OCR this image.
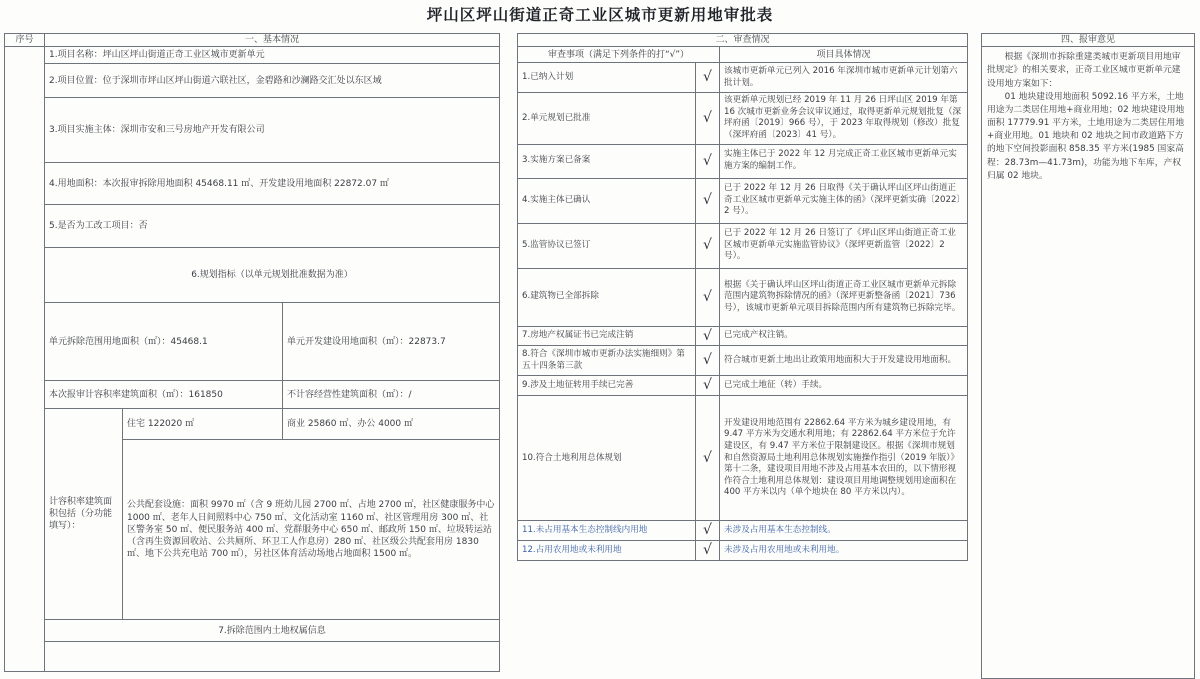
坪山区坪山街道正奇工业区城市更新用地审批表
序号	一、基本情况		
	1.项目名称：坪山区坪山街道正奇工业区城市更新单元		
	2.项目位置：位于深圳市坪山区坪山街道六联社区，金碧路和沙澜路交汇处以东区域		
	3.项目实施主体：深圳市安和三号房地产开发有限公司		
	4.用地面积：本次报审拆除用地面积 45468.11 ㎡、开发建设用地面积 22872.07 ㎡		
	5.是否为工改工项目：否		
	6.规划指标（以单元规划批准数据为准）		
	单元拆除范围用地面积（㎡）：45468.1		单元开发建设用地面积（㎡）：22873.7
	本次报审计容积率建筑面积（㎡）：161850		不计容经营性建筑面积（㎡）：/
	计容积率建筑面积包括（分功能填写）：	住宅 122020 ㎡	商业 25860 ㎡、办公 4000 ㎡
		公共配套设施：面积 9970 ㎡（含 9 班幼儿园 2700 ㎡、占地 2700 ㎡，社区健康服务中心 1000 ㎡、老年人日间照料中心 750 ㎡、文化活动室 1160 ㎡、社区管理用房 300 ㎡、社区警务室 50 ㎡、便民服务站 400 ㎡、党群服务中心 650 ㎡、邮政所 150 ㎡、垃圾转运站（含再生资源回收站、公共厕所、环卫工人作息房）280 ㎡、社区级公共配套用房 1830 ㎡、地下公共充电站 700 ㎡），另社区体育活动场地占地面积 1500 ㎡。	
	7.拆除范围内土地权属信息		

二、审查情况		
审查事项（满足下列条件的打“√”）		项目具体情况
1.已纳入计划	√	该城市更新单元已列入 2016 年深圳市城市更新单元计划第六批计划。
2.单元规划已批准	√	该更新单元规划已经 2019 年 11 月 26 日坪山区 2019 年第 16 次城市更新业务会议审议通过，取得更新单元规划批复（深坪府函〔2019〕966 号），于 2023 年取得规划（修改）批复（深坪府函〔2023〕41 号）。
3.实施方案已备案	√	实施主体已于 2022 年 12 月完成正奇工业区城市更新单元实施方案的编制工作。
4.实施主体已确认	√	已于 2022 年 12 月 26 日取得《关于确认坪山区坪山街道正奇工业区城市更新单元实施主体的函》（深坪更新实确〔2022〕2 号）。
5.监管协议已签订	√	已于 2022 年 12 月 26 日签订了《坪山区坪山街道正奇工业区城市更新单元实施监管协议》（深坪更新监管〔2022〕2 号）。
6.建筑物已全部拆除	√	根据《关于确认坪山区坪山街道正奇工业区城市更新单元拆除范围内建筑物拆除情况的函》（深坪更新整备函〔2021〕736 号），该城市更新单元项目拆除范围内所有建筑物已拆除完毕。
7.房地产权属证书已完成注销	√	已完成产权注销。
8.符合《深圳市城市更新办法实施细则》第五十四条第三款	√	符合城市更新土地出让政策用地面积大于开发建设用地面积。
9.涉及土地征转用手续已完善	√	已完成土地征（转）手续。
10.符合土地利用总体规划	√	开发建设用地范围有 22862.64 平方米为城乡建设用地，有 9.47 平方米为交通水利用地；有 22862.64 平方米位于允许建设区，有 9.47 平方米位于限制建设区。根据《深圳市规划和自然资源局土地利用总体规划实施操作指引（2019 年版）》第十二条，建设项目用地不涉及占用基本农田的，以下情形视作符合土地利用总体规划：建设项目用地调整规划用途面积在 400 平方米以内（单个地块在 80 平方米以内）。
11.未占用基本生态控制线内用地	√	未涉及占用基本生态控制线。
12.占用农用地或未利用地	√	未涉及占用农用地或未利用地。
四、报审意见

根据《深圳市拆除重建类城市更新项目用地审批规定》的相关要求，正奇工业区城市更新单元建设用地方案如下：

01 地块建设用地面积 5092.16 平方米，土地用途为二类居住用地+商业用地；02 地块建设用地面积 17779.91 平方米，土地用途为二类居住用地+商业用地。01 地块和 02 地块之间市政道路下方的地下空间投影面积 858.35 平方米(1985 国家高程：28.73m—41.73m)，功能为地下车库，产权归属 02 地块。
